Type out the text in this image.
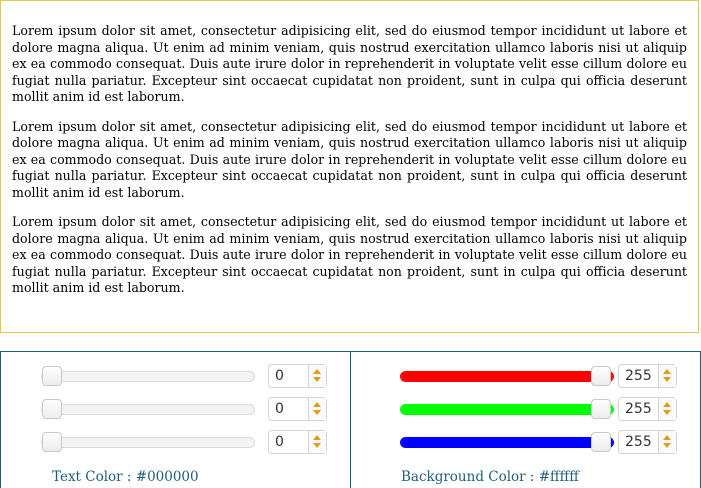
Lorem ipsum dolor sit amet, consectetur adipisicing elit, sed do eiusmod tempor incididunt ut labore et dolore magna aliqua. Ut enim ad minim veniam, quis nostrud exercitation ullamco laboris nisi ut aliquip ex ea commodo consequat. Duis aute irure dolor in reprehenderit in voluptate velit esse cillum dolore eu fugiat nulla pariatur. Excepteur sint occaecat cupidatat non proident, sunt in culpa qui officia deserunt mollit anim id est laborum.

Lorem ipsum dolor sit amet, consectetur adipisicing elit, sed do eiusmod tempor incididunt ut labore et dolore magna aliqua. Ut enim ad minim veniam, quis nostrud exercitation ullamco laboris nisi ut aliquip ex ea commodo consequat. Duis aute irure dolor in reprehenderit in voluptate velit esse cillum dolore eu fugiat nulla pariatur. Excepteur sint occaecat cupidatat non proident, sunt in culpa qui officia deserunt mollit anim id est laborum.

Lorem ipsum dolor sit amet, consectetur adipisicing elit, sed do eiusmod tempor incididunt ut labore et dolore magna aliqua. Ut enim ad minim veniam, quis nostrud exercitation ullamco laboris nisi ut aliquip ex ea commodo consequat. Duis aute irure dolor in reprehenderit in voluptate velit esse cillum dolore eu fugiat nulla pariatur. Excepteur sint occaecat cupidatat non proident, sunt in culpa qui officia deserunt mollit anim id est laborum.

0
0
0
Text Color : #000000
255
255
255
Background Color : #ffffff
